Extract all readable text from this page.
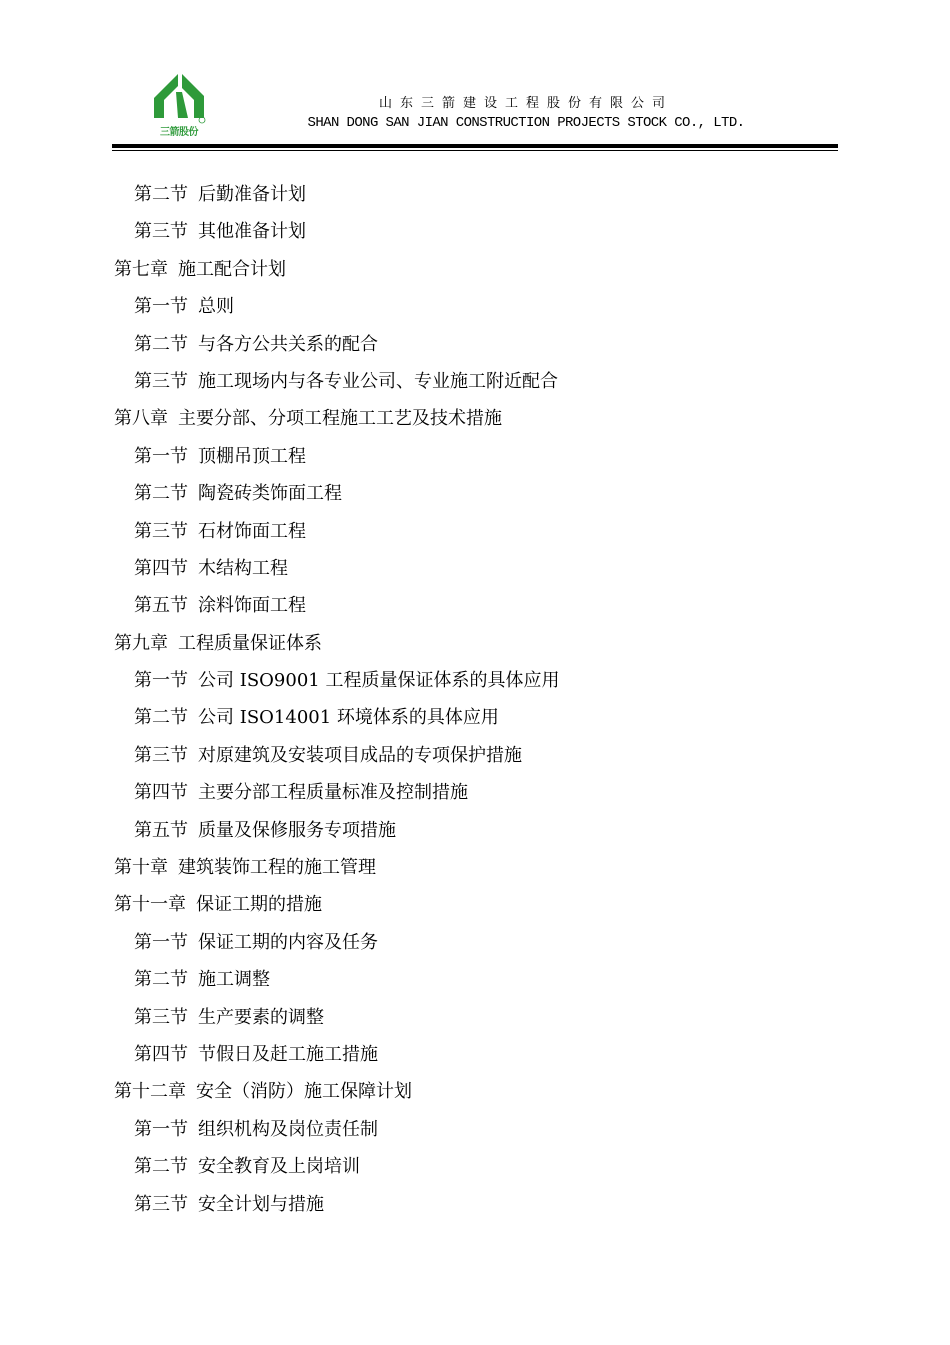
三箭股份
山东三箭建设工程股份有限公司
SHAN DONG SAN JIAN CONSTRUCTION PROJECTS STOCK CO., LTD.
第二节 后勤准备计划
第三节 其他准备计划
第七章 施工配合计划
第一节 总则
第二节 与各方公共关系的配合
第三节 施工现场内与各专业公司、专业施工附近配合
第八章 主要分部、分项工程施工工艺及技术措施
第一节 顶棚吊顶工程
第二节 陶瓷砖类饰面工程
第三节 石材饰面工程
第四节 木结构工程
第五节 涂料饰面工程
第九章 工程质量保证体系
第一节 公司 ISO9001 工程质量保证体系的具体应用
第二节 公司 ISO14001 环境体系的具体应用
第三节 对原建筑及安装项目成品的专项保护措施
第四节 主要分部工程质量标准及控制措施
第五节 质量及保修服务专项措施
第十章 建筑装饰工程的施工管理
第十一章 保证工期的措施
第一节 保证工期的内容及任务
第二节 施工调整
第三节 生产要素的调整
第四节 节假日及赶工施工措施
第十二章 安全（消防）施工保障计划
第一节 组织机构及岗位责任制
第二节 安全教育及上岗培训
第三节 安全计划与措施
